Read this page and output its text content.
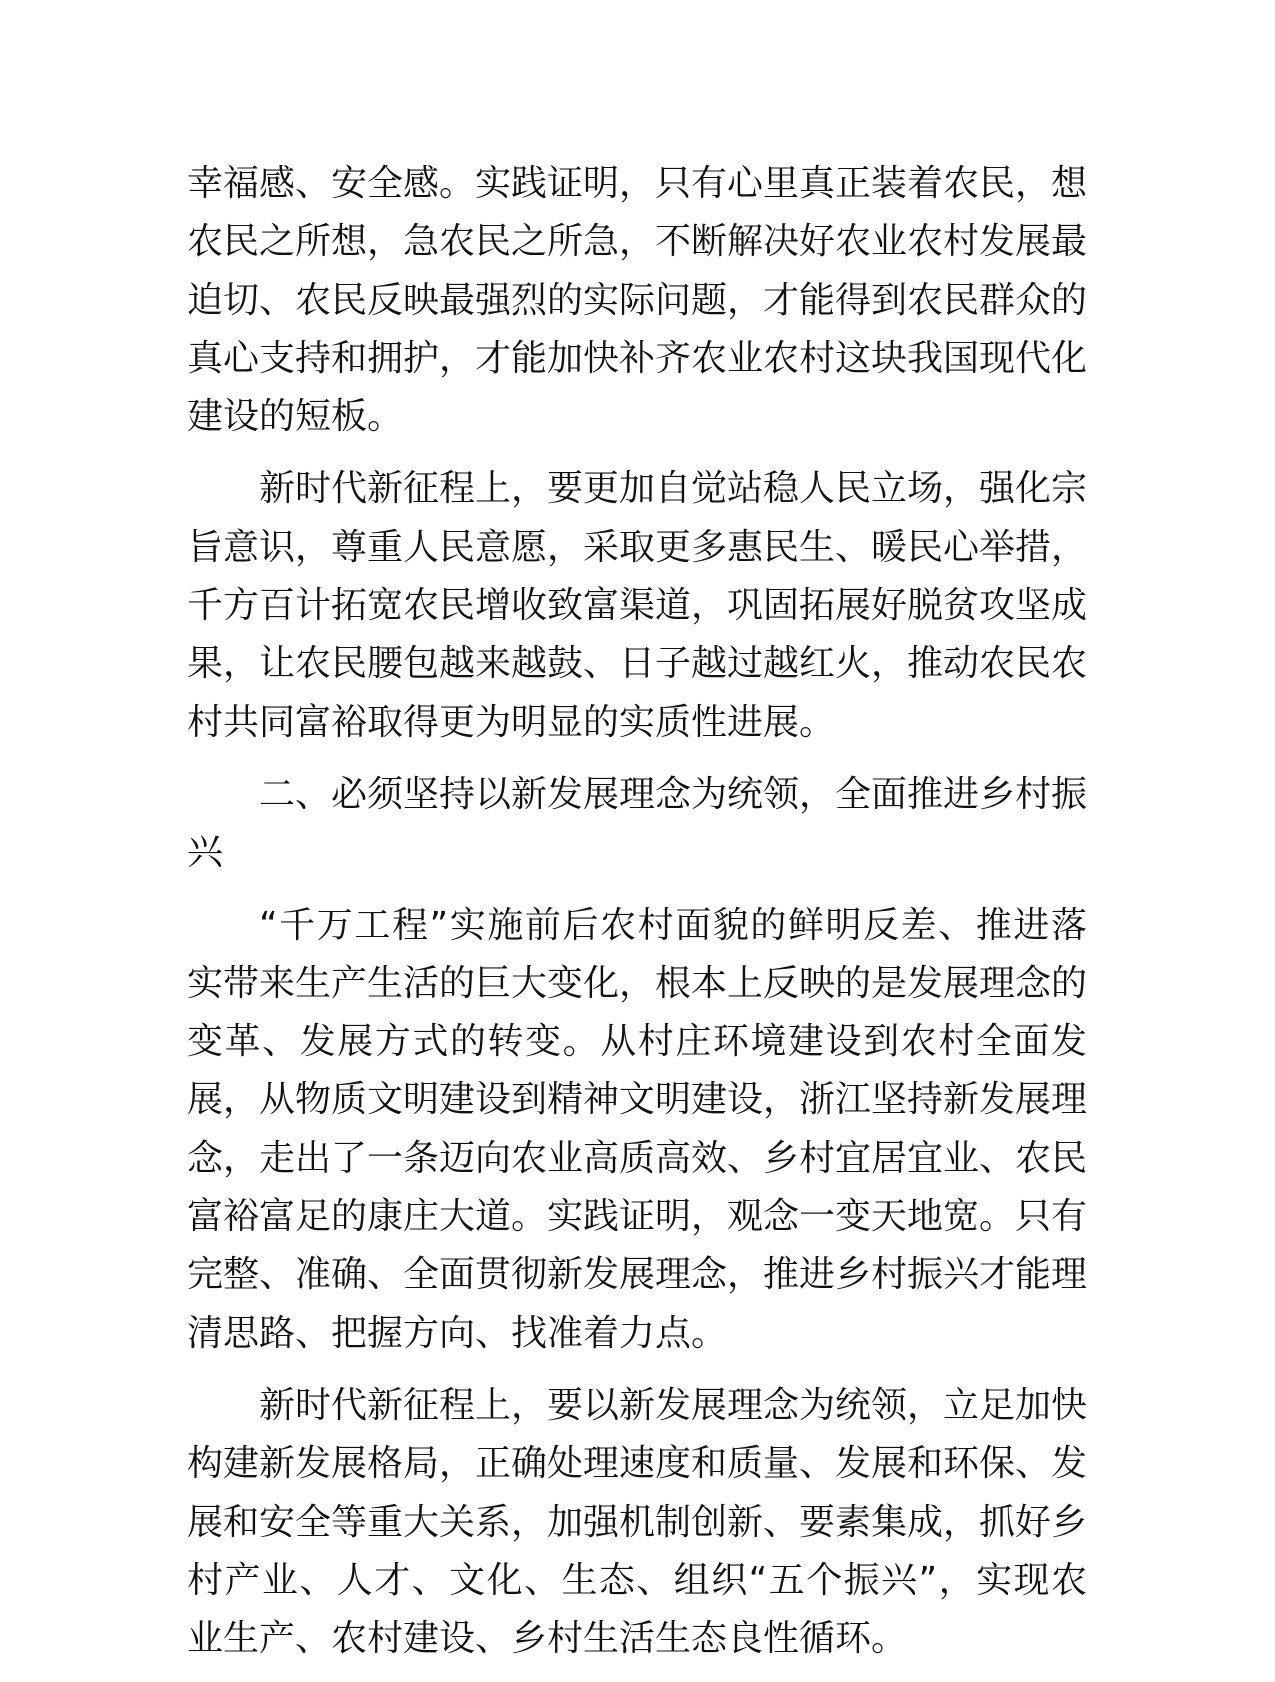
幸福感、安全感。实践证明，只有心里真正装着农民，想农民之所想，急农民之所急，不断解决好农业农村发展最迫切、农民反映最强烈的实际问题，才能得到农民群众的真心支持和拥护，才能加快补齐农业农村这块我国现代化建设的短板。

新时代新征程上，要更加自觉站稳人民立场，强化宗旨意识，尊重人民意愿，采取更多惠民生、暖民心举措，千方百计拓宽农民增收致富渠道，巩固拓展好脱贫攻坚成果，让农民腰包越来越鼓、日子越过越红火，推动农民农村共同富裕取得更为明显的实质性进展。

二、必须坚持以新发展理念为统领，全面推进乡村振兴

“千万工程”实施前后农村面貌的鲜明反差、推进落实带来生产生活的巨大变化，根本上反映的是发展理念的变革、发展方式的转变。从村庄环境建设到农村全面发展，从物质文明建设到精神文明建设，浙江坚持新发展理念，走出了一条迈向农业高质高效、乡村宜居宜业、农民富裕富足的康庄大道。实践证明，观念一变天地宽。只有完整、准确、全面贯彻新发展理念，推进乡村振兴才能理清思路、把握方向、找准着力点。

新时代新征程上，要以新发展理念为统领，立足加快构建新发展格局，正确处理速度和质量、发展和环保、发展和安全等重大关系，加强机制创新、要素集成，抓好乡村产业、人才、文化、生态、组织“五个振兴”，实现农业生产、农村建设、乡村生活生态良性循环。
